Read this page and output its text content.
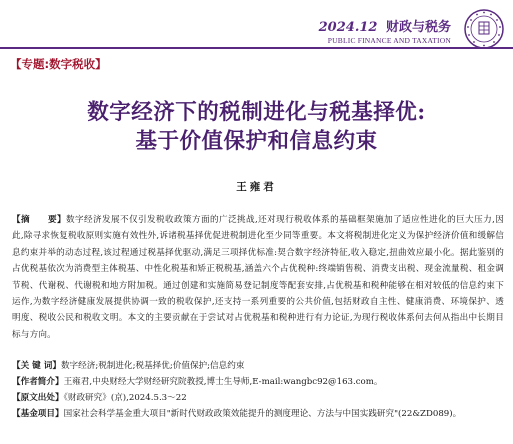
2024.12 财政与税务
PUBLIC FINANCE AND TAXATION
【专题:数字税收】
数字经济下的税制进化与税基择优:
基于价值保护和信息约束
王雍君

【摘　　要】数字经济发展不仅引发税收政策方面的广泛挑战,还对现行税收体系的基础框架施加了适应性进化的巨大压力,因此,除寻求恢复税收原则实施有效性外,诉诸税基择优促进税制进化至少同等重要。本文将税制进化定义为保护经济价值和缓解信息约束并举的动态过程,该过程通过税基择优驱动,满足三项择优标准:契合数字经济特征,收入稳定,扭曲效应最小化。据此鉴别的占优税基依次为消费型主体税基、中性化税基和矫正税税基,涵盖六个占优税种:终端销售税、消费支出税、现金流量税、租金调节税、代谢税、代谢税和地方附加税。通过创建和实施简易登记制度等配套安排,占优税基和税种能够在相对较低的信息约束下运作,为数字经济健康发展提供协调一致的税收保护,还支持一系列重要的公共价值,包括财政自主性、健康消费、环境保护、透明度、税收公民和税收文明。本文的主要贡献在于尝试对占优税基和税种进行有力论证,为现行税收体系何去何从指出中长期目标与方向。

【关 键 词】数字经济;税制进化;税基择优;价值保护;信息约束
【作者简介】王雍君,中央财经大学财经研究院教授,博士生导师,E-mail:wangbc92@163.com。
【原文出处】《财政研究》(京),2024.5.3～22
【基金项目】国家社会科学基金重大项目"新时代财政政策效能提升的测度理论、方法与中国实践研究"(22&ZD089)。
